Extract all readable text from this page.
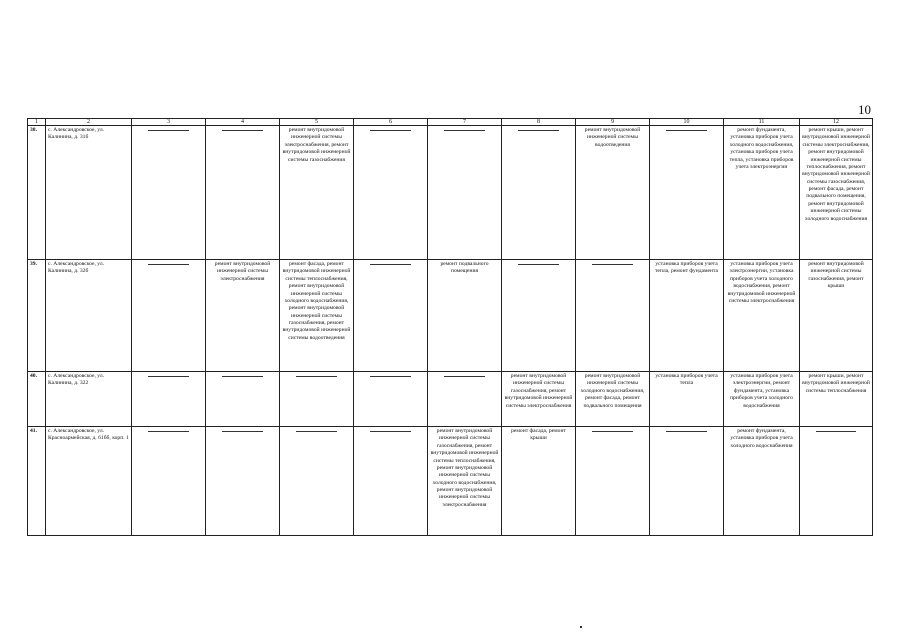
10
1	2	3	4	5	6	7	8	9	10	11	12
38.	с. Александровское, ул. Калинина, д. 31б			ремонт внутридомовой инженерной системы электроснабжения, ремонт внутридомовой инженерной системы газоснабжения				ремонт внутридомовой инженерной системы водоотведения		ремонт фундамента, установка приборов учета холодного водоснабжения, установка приборов учета тепла, установка приборов учета электроэнергии	ремонт крыши, ремонт внутридомовой инженерной системы электроснабжения, ремонт внутридомовой инженерной системы теплоснабжения, ремонт внутридомовой инженерной системы газоснабжения, ремонт фасада, ремонт подвального помещения, ремонт внутридомовой инженерной системы холодного водоснабжения
39.	с. Александровское, ул. Калинина, д. 32б		ремонт внутридомовой инженерной системы электроснабжения	ремонт фасада, ремонт внутридомовой инженерной системы теплоснабжения, ремонт внутридомовой инженерной системы холодного водоснабжения, ремонт внутридомовой инженерной системы газоснабжения, ремонт внутридомовой инженерной системы водоотведения		ремонт подвального помещения			установка приборов учета тепла, ремонт фундамента	установка приборов учета электроэнергии, установка приборов учета холодного водоснабжения, ремонт внутридомовой инженерной системы электроснабжения	ремонт внутридомовой инженерной системы газоснабжения, ремонт крыши
40.	с. Александровское, ул. Калинина, д. 322						ремонт внутридомовой инженерной системы газоснабжения, ремонт внутридомовой инженерной системы электроснабжения	ремонт внутридомовой инженерной системы холодного водоснабжения, ремонт фасада, ремонт подвального помещения	установка приборов учета тепла	установка приборов учета электроэнергии, ремонт фундамента, установка приборов учета холодного водоснабжения	ремонт крыши, ремонт внутридомовой инженерной системы теплоснабжения
41.	с. Александровское, ул. Красноармейская, д. 61бб, корп. 1					ремонт внутридомовой инженерной системы газоснабжения, ремонт внутридомовой инженерной системы теплоснабжения, ремонт внутридомовой инженерной системы холодного водоснабжения, ремонт внутридомовой инженерной системы электроснабжения	ремонт фасада, ремонт крыши			ремонт фундамента, установка приборов учета холодного водоснабжения	
